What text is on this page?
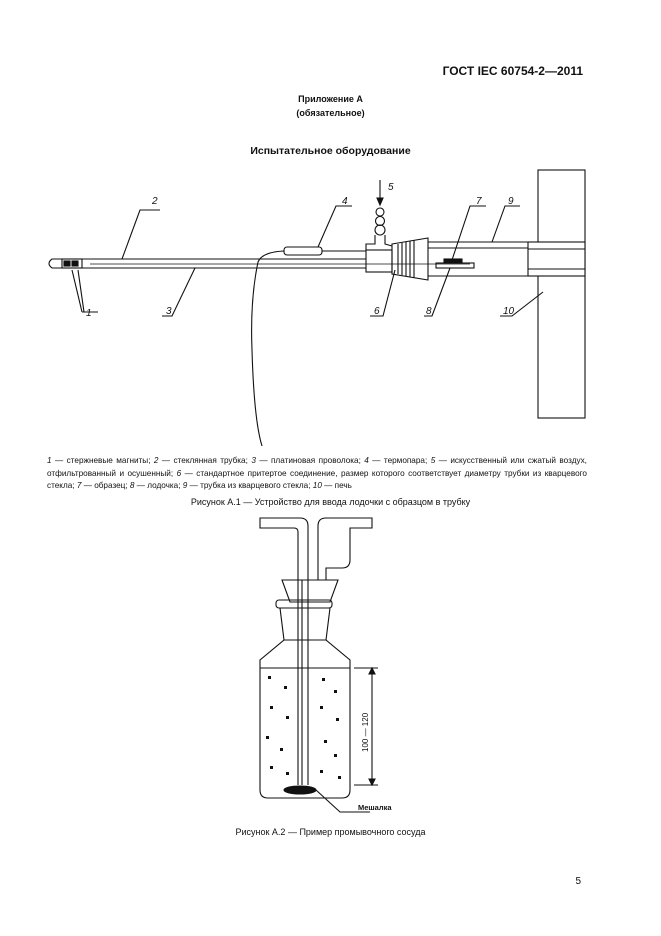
ГОСТ IEC 60754-2—2011
Приложение А
(обязательное)
Испытательное оборудование
1
2
3
4
5
6
7
8
9
10
100 — 120
Мешалка
1 — стержневые магниты; 2 — стеклянная трубка; 3 — платиновая проволока; 4 — термопара; 5 — искусственный или сжатый воздух, отфильтрованный и осушенный; 6 — стандартное притертое соединение, размер которого соответствует диаметру трубки из кварцевого стекла; 7 — образец; 8 — лодочка; 9 — трубка из кварцевого стекла; 10 — печь
Рисунок А.1 — Устройство для ввода лодочки с образцом в трубку
Рисунок А.2 — Пример промывочного сосуда
5
